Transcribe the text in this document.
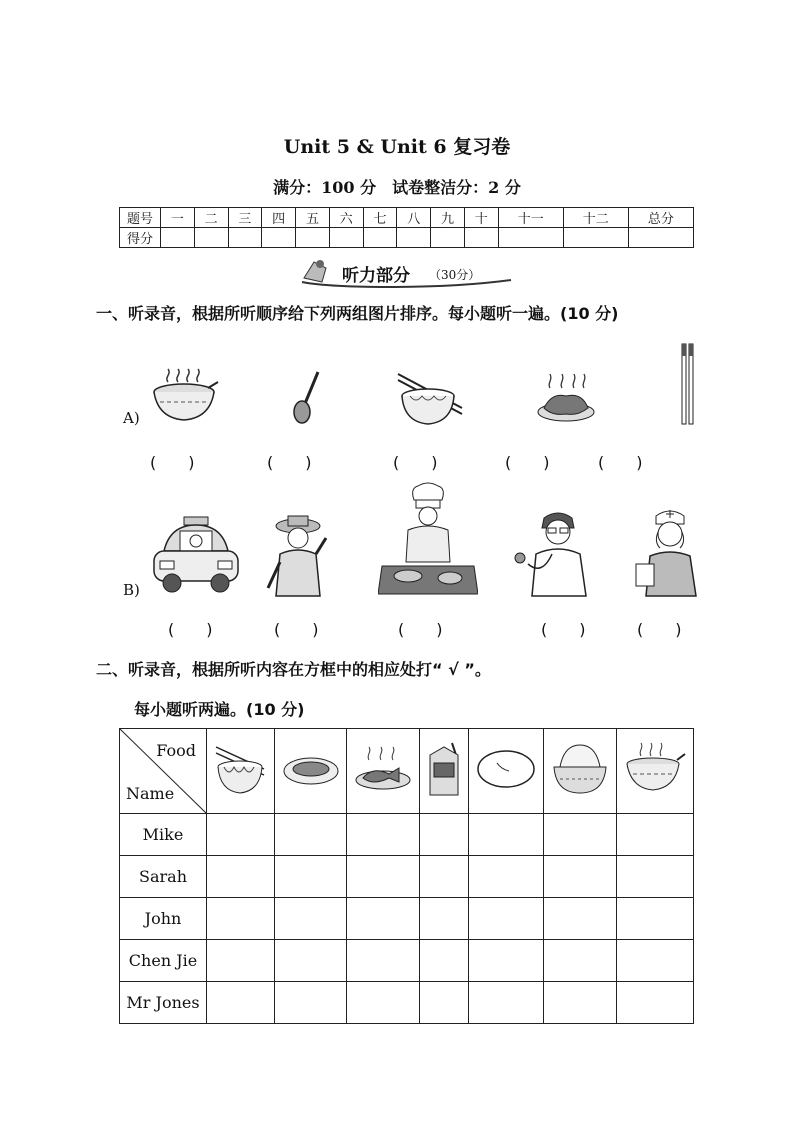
Unit 5 & Unit 6 复习卷
满分：100 分　试卷整洁分：2 分
题号	一	二	三	四	五	六	七	八	九	十	十一	十二	总分
得分													
听力部分 （30分）
一、听录音，根据所听顺序给下列两组图片排序。每小题听一遍。(10 分)
A)
(　　)	(　　)	(　　)	(　　)	(　　)
B)
(　　)	(　　)	(　　)	(　　)	(　　)
二、听录音，根据所听内容在方框中的相应处打“ √ ”。
每小题听两遍。(10 分)
Food
Name

Mike							
Sarah							
John							
Chen Jie							
Mr Jones							
